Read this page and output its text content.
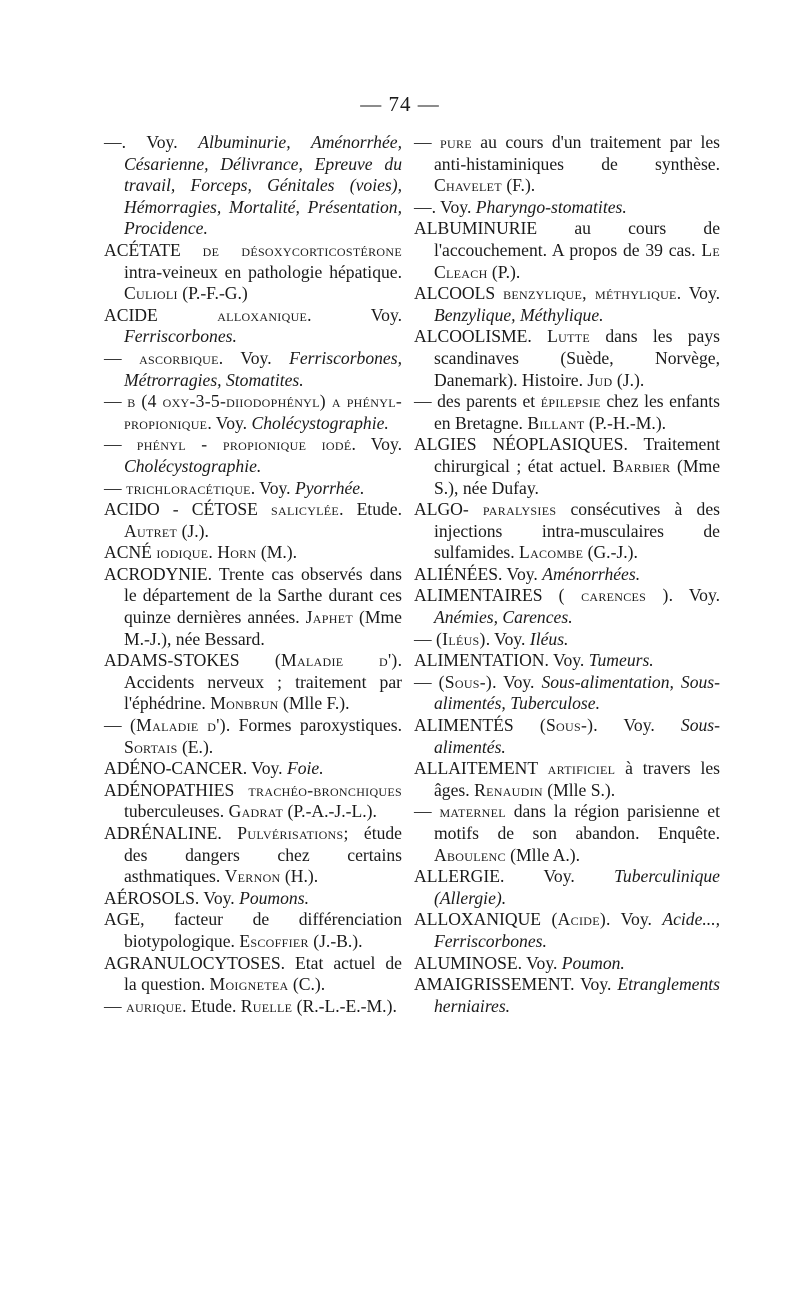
— 74 —

—. Voy. Albuminurie, Aménorrhée, Césarienne, Délivrance, Epreuve du travail, Forceps, Génitales (voies), Hémorragies, Mortalité, Présentation, Procidence.

ACÉTATE de désoxycorticostérone intra-veineux en pathologie hépatique. Culioli (P.-F.-G.)

ACIDE	alloxanique. Voy. Ferriscorbones.

— ascorbique. Voy. Ferriscorbones, Métrorragies, Stomatites.

— β (4 oxy-3-5-diiodophényl) α phényl-propionique. Voy. Cholécystographie.

— phényl - propionique iodé. Voy. Cholécystographie.

— trichloracétique. Voy. Pyorrhée.

ACIDO - CÉTOSE salicylée. Etude. Autret (J.).

ACNÉ iodique. Horn (M.).

ACRODYNIE. Trente cas observés dans le département de la Sarthe durant ces quinze dernières années. Japhet (Mme M.-J.), née Bessard.

ADAMS-STOKES (Maladie d'). Accidents nerveux ; traitement par l'éphédrine. Monbrun (Mlle F.).

— (Maladie d'). Formes paroxystiques. Sortais (E.).

ADÉNO-CANCER. Voy. Foie.

ADÉNOPATHIES trachéo-bronchiques tuberculeuses. Gadrat (P.-A.-J.-L.).

ADRÉNALINE. Pulvérisations; étude des dangers chez certains asthmatiques. Vernon (H.).

AÉROSOLS. Voy. Poumons.

AGE, facteur de différenciation biotypologique. Escoffier (J.-B.).

AGRANULOCYTOSES. Etat actuel de la question. Moignetea (C.).

— aurique. Etude. Ruelle (R.-L.-E.-M.).

— pure au cours d'un traitement par les anti-histaminiques de synthèse. Chavelet (F.).

—. Voy. Pharyngo-stomatites.

ALBUMINURIE au cours de l'accouchement. A propos de 39 cas. Le Cleach (P.).

ALCOOLS benzylique, méthylique. Voy. Benzylique, Méthylique.

ALCOOLISME. Lutte dans les pays scandinaves (Suède, Norvège, Danemark). Histoire. Jud (J.).

— des parents et épilepsie chez les enfants en Bretagne. Billant (P.-H.-M.).

ALGIES NÉOPLASIQUES. Traitement chirurgical ; état actuel. Barbier (Mme S.), née Dufay.

ALGO- paralysies consécutives à des injections intra-musculaires de sulfamides. Lacombe (G.-J.).

ALIÉNÉES. Voy. Aménorrhées.

ALIMENTAIRES ( carences ). Voy. Anémies, Carences.

— (Iléus). Voy. Iléus.

ALIMENTATION. Voy. Tumeurs.

— (Sous-). Voy. Sous-alimentation, Sous-alimentés, Tuberculose.

ALIMENTÉS (Sous-). Voy. Sous-alimentés.

ALLAITEMENT artificiel à travers les âges. Renaudin (Mlle S.).

— maternel dans la région parisienne et motifs de son abandon. Enquête. Aboulenc (Mlle A.).

ALLERGIE. Voy. Tuberculinique (Allergie).

ALLOXANIQUE (Acide). Voy. Acide..., Ferriscorbones.

ALUMINOSE. Voy. Poumon.

AMAIGRISSEMENT. Voy. Etranglements herniaires.
